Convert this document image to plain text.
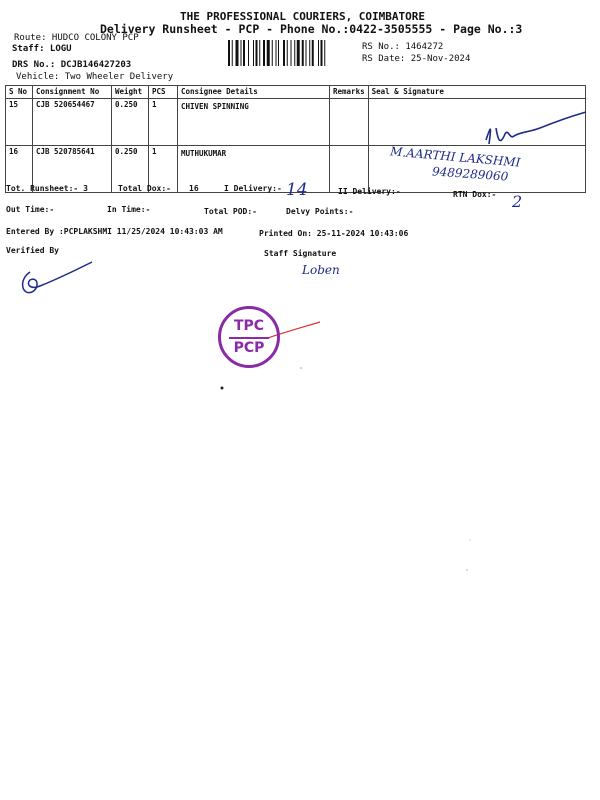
THE PROFESSIONAL COURIERS, COIMBATORE
Delivery Runsheet - PCP - Phone No.:0422-3505555 - Page No.:3
Route: HUDCO COLONY PCP
Staff: LOGU
DRS No.: DCJB146427203
Vehicle: Two Wheeler Delivery
RS No.: 1464272
RS Date: 25-Nov-2024
S No	Consignment No	Weight	PCS	Consignee Details	Remarks	Seal & Signature
15	CJB 520654467	0.250	1	CHIVEN SPINNING		
16	CJB 520785641	0.250	1	MUTHUKUMAR		
Tot. Runsheet:- 3	Total Dox:- 16	I Delivery:- 14	II Delivery:-	RTN Dox:- 2
Out Time:-	In Time:-	Total POD:-	Delvy Points:-
Entered By :PCPLAKSHMI 11/25/2024 10:43:03 AM	Printed On: 25-11-2024 10:43:06
Verified By	Staff Signature
M.AARTHI LAKSHMI
9489289060
Loben
TPC
PCP
